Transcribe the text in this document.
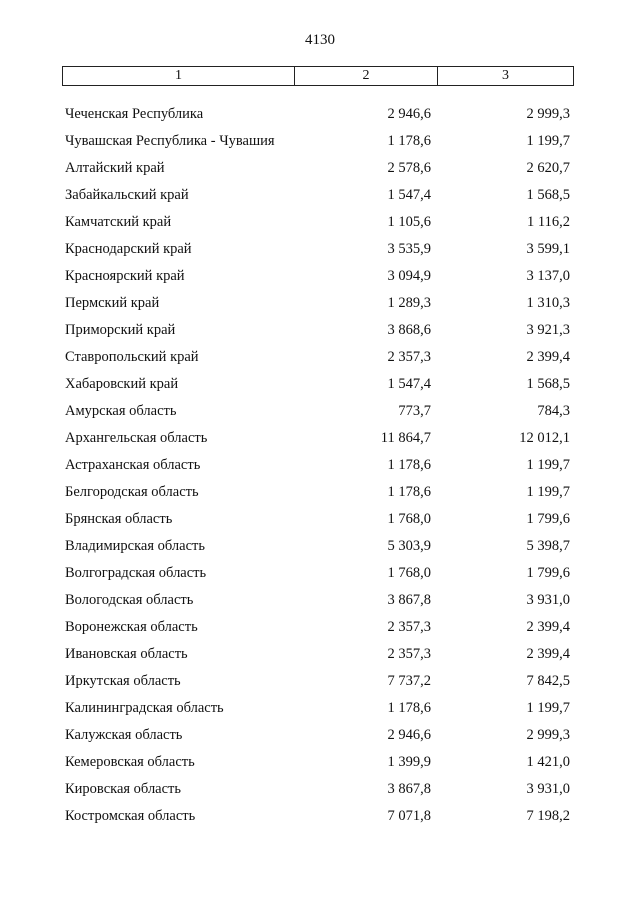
4130
1	2	3
Чеченская Республика	2 946,6	2 999,3
Чувашская Республика - Чувашия	1 178,6	1 199,7
Алтайский край	2 578,6	2 620,7
Забайкальский край	1 547,4	1 568,5
Камчатский край	1 105,6	1 116,2
Краснодарский край	3 535,9	3 599,1
Красноярский край	3 094,9	3 137,0
Пермский край	1 289,3	1 310,3
Приморский край	3 868,6	3 921,3
Ставропольский край	2 357,3	2 399,4
Хабаровский край	1 547,4	1 568,5
Амурская область	773,7	784,3
Архангельская область	11 864,7	12 012,1
Астраханская область	1 178,6	1 199,7
Белгородская область	1 178,6	1 199,7
Брянская область	1 768,0	1 799,6
Владимирская область	5 303,9	5 398,7
Волгоградская область	1 768,0	1 799,6
Вологодская область	3 867,8	3 931,0
Воронежская область	2 357,3	2 399,4
Ивановская область	2 357,3	2 399,4
Иркутская область	7 737,2	7 842,5
Калининградская область	1 178,6	1 199,7
Калужская область	2 946,6	2 999,3
Кемеровская область	1 399,9	1 421,0
Кировская область	3 867,8	3 931,0
Костромская область	7 071,8	7 198,2
